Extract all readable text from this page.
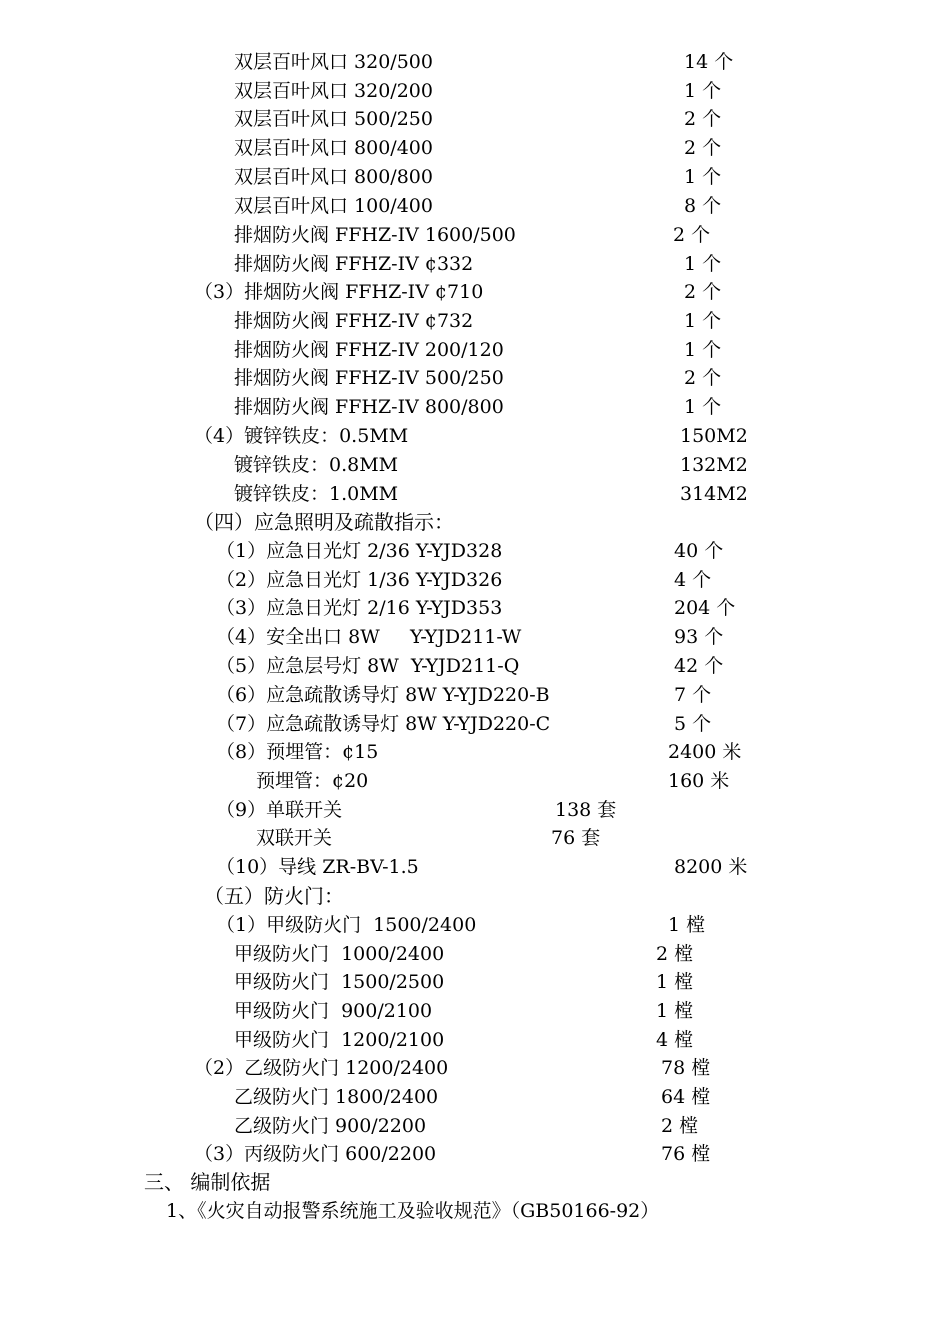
双层百叶风口 320/500	14 个
双层百叶风口 320/200	1 个
双层百叶风口 500/250	2 个
双层百叶风口 800/400	2 个
双层百叶风口 800/800	1 个
双层百叶风口 100/400	8 个
排烟防火阀 FFHZ-IV 1600/500	2 个
排烟防火阀 FFHZ-IV ¢332	1 个
（3）排烟防火阀 FFHZ-IV ¢710	2 个
排烟防火阀 FFHZ-IV ¢732	1 个
排烟防火阀 FFHZ-IV 200/120	1 个
排烟防火阀 FFHZ-IV 500/250	2 个
排烟防火阀 FFHZ-IV 800/800	1 个
（4）镀锌铁皮：0.5MM	150M2
镀锌铁皮：0.8MM	132M2
镀锌铁皮：1.0MM	314M2
（四）应急照明及疏散指示：
（1）应急日光灯 2/36 Y-YJD328	40 个
（2）应急日光灯 1/36 Y-YJD326	4 个
（3）应急日光灯 2/16 Y-YJD353	204 个
（4）安全出口 8W     Y-YJD211-W	93 个
（5）应急层号灯 8W  Y-YJD211-Q	42 个
（6）应急疏散诱导灯 8W Y-YJD220-B	7 个
（7）应急疏散诱导灯 8W Y-YJD220-C	5 个
（8）预埋管：¢15	2400 米
预埋管：¢20	160 米
（9）单联开关	138 套
双联开关	76 套
（10）导线 ZR-BV-1.5	8200 米
（五）防火门：
（1）甲级防火门  1500/2400	1 樘
甲级防火门  1000/2400	2 樘
甲级防火门  1500/2500	1 樘
甲级防火门  900/2100	1 樘
甲级防火门  1200/2100	4 樘
（2）乙级防火门 1200/2400	78 樘
乙级防火门 1800/2400	64 樘
乙级防火门 900/2200	2 樘
（3）丙级防火门 600/2200	76 樘
三、 编制依据
1、《火灾自动报警系统施工及验收规范》（GB50166-92）
